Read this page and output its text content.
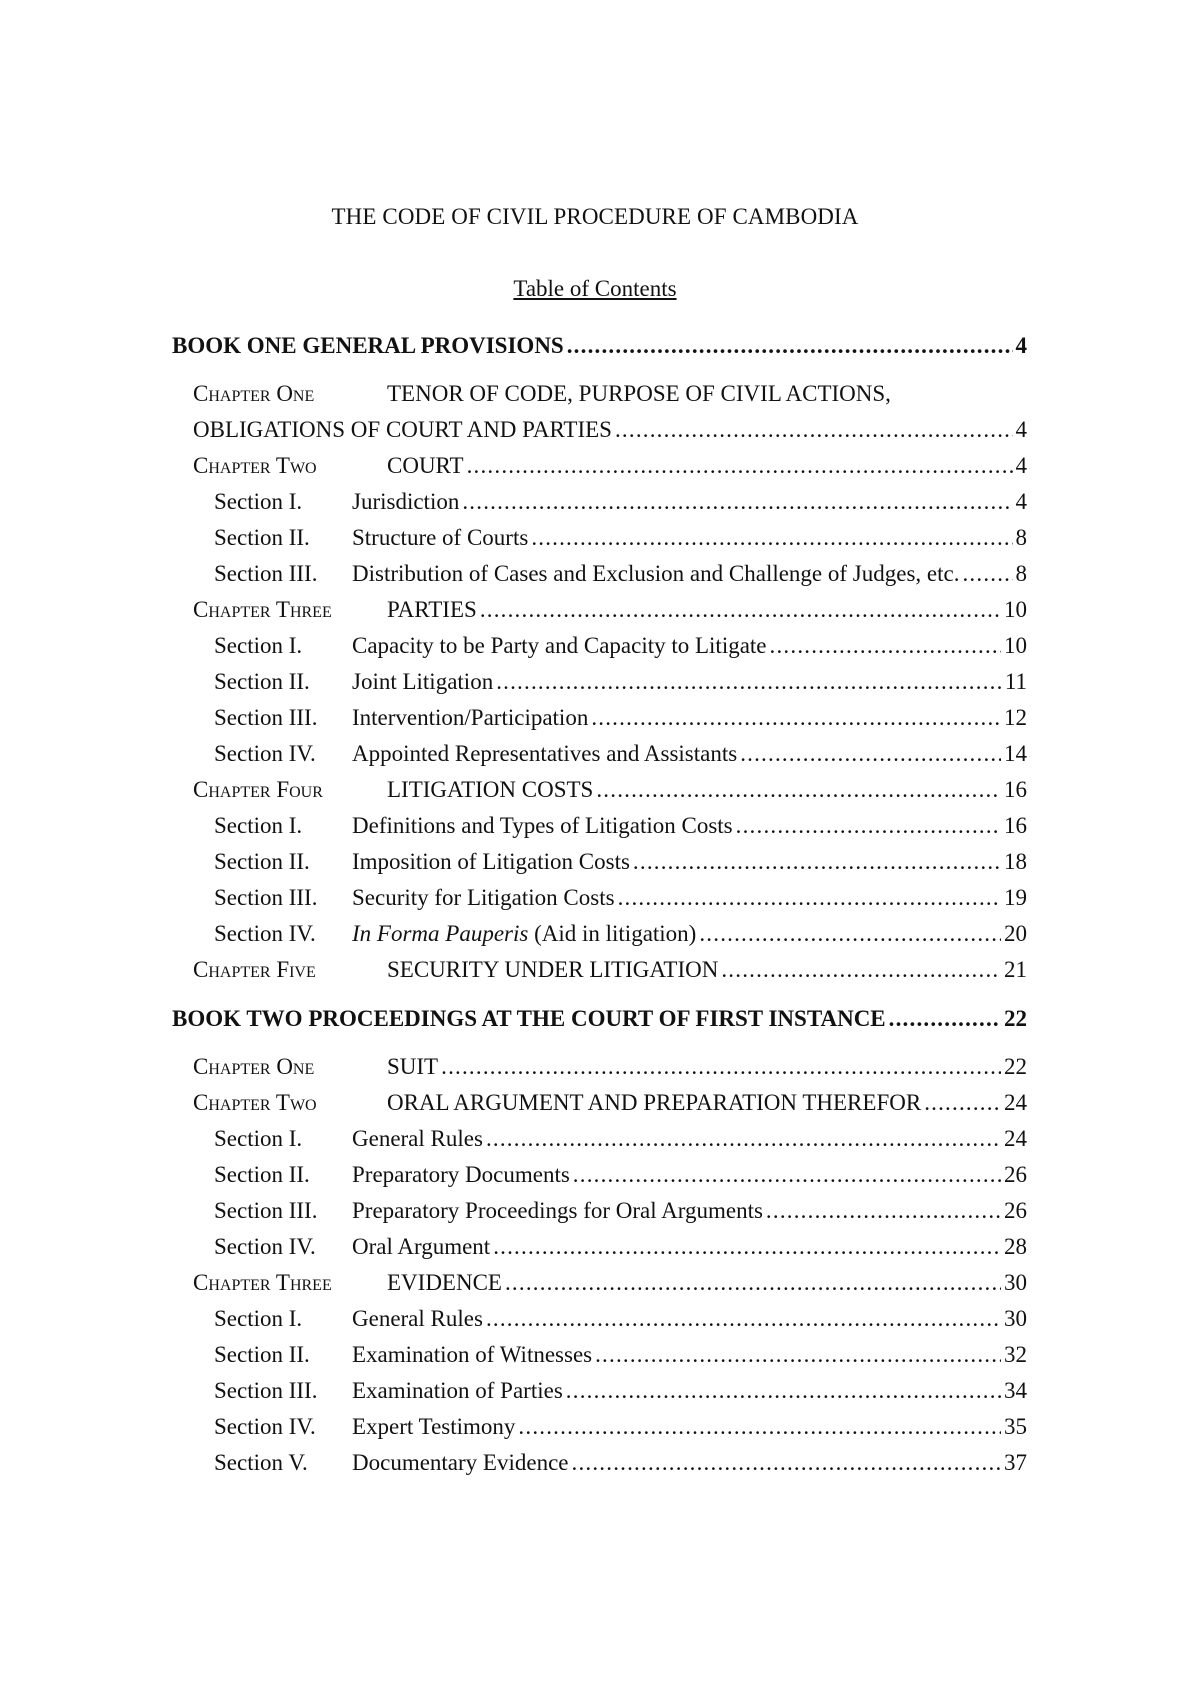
THE CODE OF CIVIL PROCEDURE OF CAMBODIA
Table of Contents
BOOK ONE GENERAL PROVISIONS .....	4
Chapter One	TENOR OF CODE, PURPOSE OF CIVIL ACTIONS,
OBLIGATIONS OF COURT AND PARTIES .....	4
Chapter Two	COURT .....	4
Section I.	Jurisdiction .....	4
Section II.	Structure of Courts .....	8
Section III.	Distribution of Cases and Exclusion and Challenge of Judges, etc. ..... 8
Chapter Three	PARTIES .....	10
Section I.	Capacity to be Party and Capacity to Litigate .....	10
Section II.	Joint Litigation .....	11
Section III.	Intervention/Participation .....	12
Section IV.	Appointed Representatives and Assistants .....	14
Chapter Four	LITIGATION COSTS .....	16
Section I.	Definitions and Types of Litigation Costs .....	16
Section II.	Imposition of Litigation Costs .....	18
Section III.	Security for Litigation Costs .....	19
Section IV.	In Forma Pauperis (Aid in litigation) .....	20
Chapter Five	SECURITY UNDER LITIGATION .....	21
BOOK TWO PROCEEDINGS AT THE COURT OF FIRST INSTANCE .....	22
Chapter One	SUIT .....	22
Chapter Two	ORAL ARGUMENT AND PREPARATION THEREFOR .....	24
Section I.	General Rules .....	24
Section II.	Preparatory Documents .....	26
Section III.	Preparatory Proceedings for Oral Arguments .....	26
Section IV.	Oral Argument .....	28
Chapter Three	EVIDENCE .....	30
Section I.	General Rules .....	30
Section II.	Examination of Witnesses .....	32
Section III.	Examination of Parties .....	34
Section IV.	Expert Testimony .....	35
Section V.	Documentary Evidence .....	37
